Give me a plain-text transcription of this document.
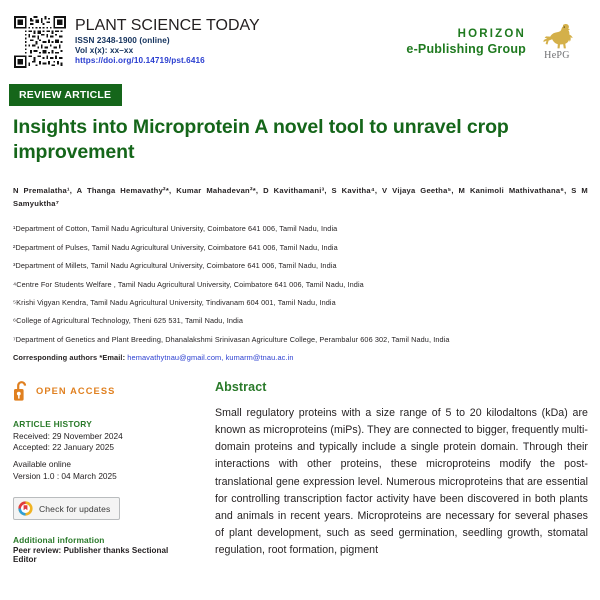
PLANT SCIENCE TODAY
ISSN 2348-1900 (online)
Vol x(x): xx–xx
https://doi.org/10.14719/pst.6416
HORIZON
e-Publishing Group	HePG
REVIEW ARTICLE
Insights into Microprotein A novel tool to unravel crop improvement
N Premalatha¹, A Thanga Hemavathy²*, Kumar Mahadevan²*, D Kavithamani³, S Kavitha⁴, V Vijaya Geetha⁵, M Kanimoli Mathivathana⁶, S M Samyuktha⁷
¹Department of Cotton, Tamil Nadu Agricultural University, Coimbatore 641 006, Tamil Nadu, India
²Department of Pulses, Tamil Nadu Agricultural University, Coimbatore 641 006, Tamil Nadu, India
³Department of Millets, Tamil Nadu Agricultural University, Coimbatore 641 006, Tamil Nadu, India
⁴Centre For Students Welfare , Tamil Nadu Agricultural University, Coimbatore 641 006, Tamil Nadu, India
⁵Krishi Vigyan Kendra, Tamil Nadu Agricultural University, Tindivanam 604 001, Tamil Nadu, India
⁶College of Agricultural Technology, Theni 625 531, Tamil Nadu, India
⁷Department of Genetics and Plant Breeding, Dhanalakshmi Srinivasan Agriculture College, Perambalur 606 302, Tamil Nadu, India
Corresponding authors *Email: hemavathytnau@gmail.com, kumarm@tnau.ac.in
OPEN ACCESS
ARTICLE HISTORY
Received: 29 November 2024
Accepted: 22 January 2025
Available online
Version 1.0 : 04 March 2025
Check for updates
Additional information
Peer review: Publisher thanks Sectional Editor
Abstract
Small regulatory proteins with a size range of 5 to 20 kilodaltons (kDa) are known as microproteins (miPs). They are connected to bigger, frequently multi-domain proteins and typically include a single protein domain. Through their interactions with other proteins, these microproteins modify the post-translational gene expression level. Numerous microproteins that are essential for controlling transcription factor activity have been discovered in both plants and animals in recent years. Microproteins are necessary for several phases of plant development, such as seed germination, seedling growth, stomatal regulation, root formation, pigment
